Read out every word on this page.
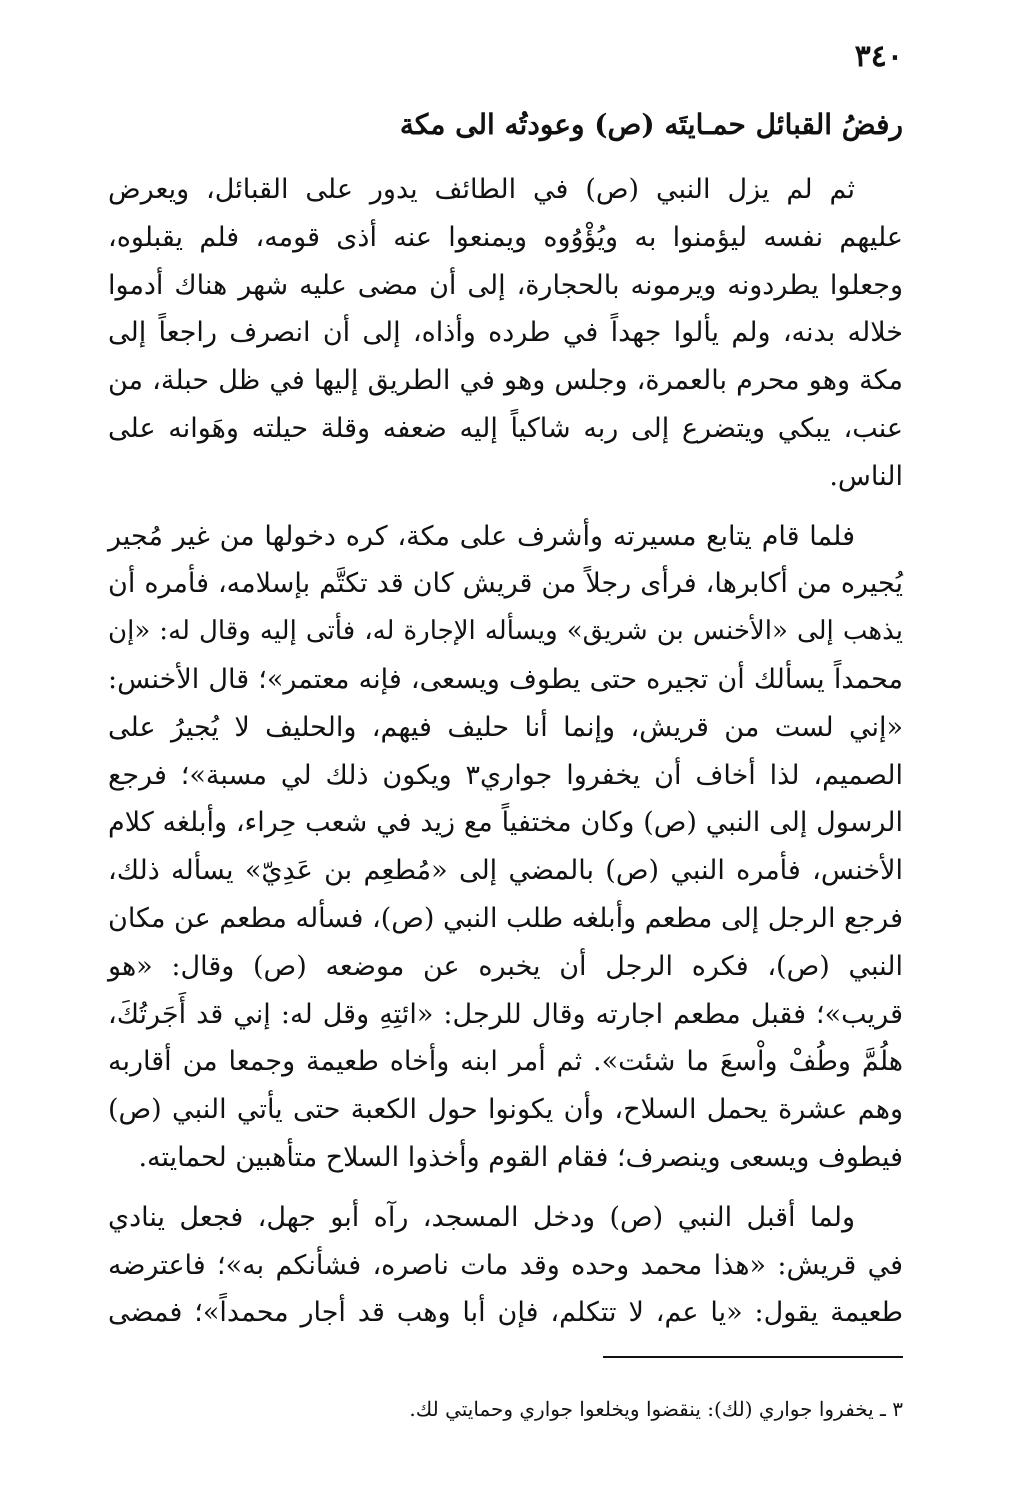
٣٤٠
رفضُ القبائل حمـايتَه (ص) وعودتُه الى مكة

ثم لم يزل النبي (ص) في الطائف يدور على القبائل، ويعرض
عليهم نفسه ليؤمنوا به ويُؤْوُوه ويمنعوا عنه أذى قومه، فلم يقبلوه،
وجعلوا يطردونه ويرمونه بالحجارة، إلى أن مضى عليه شهر هناك أدموا
خلاله بدنه، ولم يألوا جهداً في طرده وأذاه، إلى أن انصرف راجعاً إلى
مكة وهو محرم بالعمرة، وجلس وهو في الطريق إليها في ظل حبلة، من
عنب، يبكي ويتضرع إلى ربه شاكياً إليه ضعفه وقلة حيلته وهَوانه على
الناس.

فلما قام يتابع مسيرته وأشرف على مكة، كره دخولها من غير مُجير
يُجيره من أكابرها، فرأى رجلاً من قريش كان قد تكتَّم بإسلامه، فأمره أن
يذهب إلى «الأخنس بن شريق» ويسأله الإجارة له، فأتى إليه وقال له: «إن
محمداً يسألك أن تجيره حتى يطوف ويسعى، فإنه معتمر»؛ قال الأخنس:
«إني لست من قريش، وإنما أنا حليف فيهم، والحليف لا يُجيرُ على
الصميم، لذا أخاف أن يخفروا جواري٣ ويكون ذلك لي مسبة»؛ فرجع
الرسول إلى النبي (ص) وكان مختفياً مع زيد في شعب حِراء، وأبلغه كلام
الأخنس، فأمره النبي (ص) بالمضي إلى «مُطعِم بن عَدِيّ» يسأله ذلك،
فرجع الرجل إلى مطعم وأبلغه طلب النبي (ص)، فسأله مطعم عن مكان
النبي (ص)، فكره الرجل أن يخبره عن موضعه (ص) وقال: «هو
قريب»؛ فقبل مطعم اجارته وقال للرجل: «ائتِهِ وقل له: إني قد أَجَرتُكَ،
هلُمَّ وطُفْ واْسعَ ما شئت». ثم أمر ابنه وأخاه طعيمة وجمعا من أقاربه
وهم عشرة يحمل السلاح، وأن يكونوا حول الكعبة حتى يأتي النبي (ص)
فيطوف ويسعى وينصرف؛ فقام القوم وأخذوا السلاح متأهبين لحمايته.

ولما أقبل النبي (ص) ودخل المسجد، رآه أبو جهل، فجعل ينادي
في قريش: «هذا محمد وحده وقد مات ناصره، فشأنكم به»؛ فاعترضه
طعيمة يقول: «يا عم، لا تتكلم، فإن أبا وهب قد أجار محمداً»؛ فمضى

٣ ـ يخفروا جواري (لك): ينقضوا ويخلعوا جواري وحمايتي لك.
